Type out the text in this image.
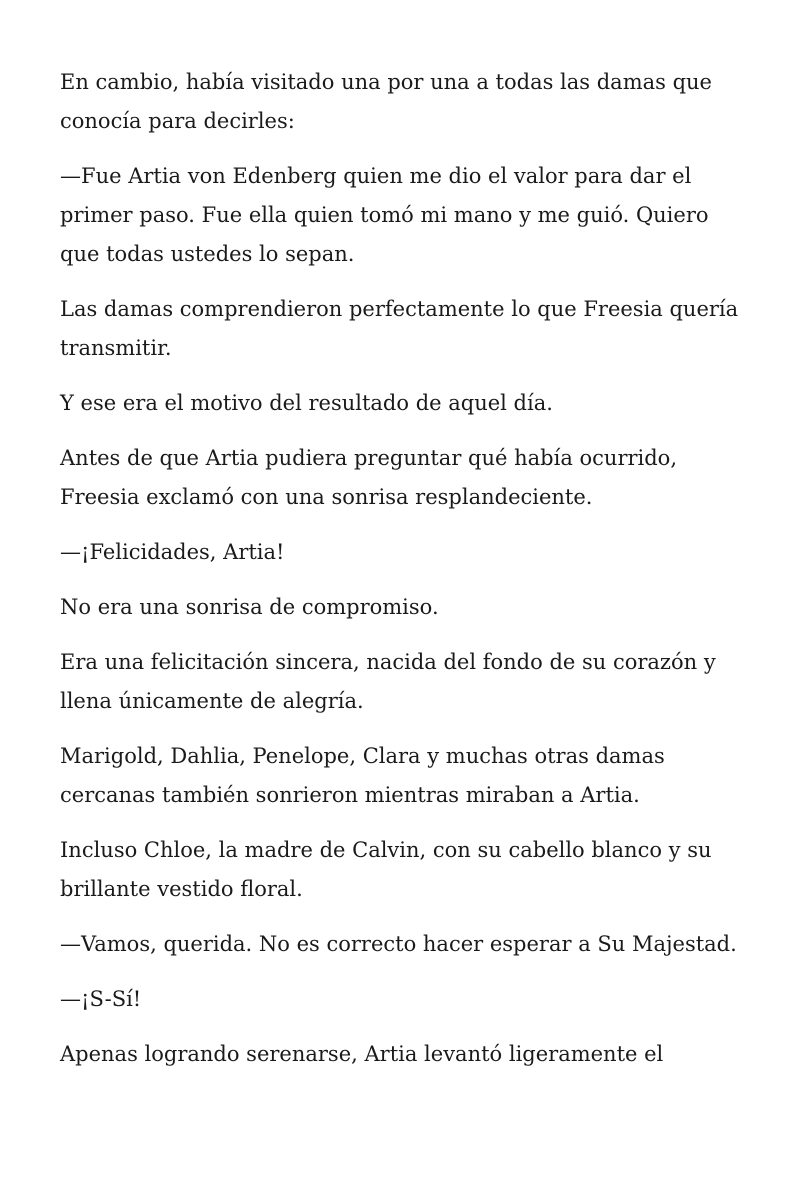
En cambio, había visitado una por una a todas las damas que conocía para decirles:

—Fue Artia von Edenberg quien me dio el valor para dar el primer paso. Fue ella quien tomó mi mano y me guió. Quiero que todas ustedes lo sepan.

Las damas comprendieron perfectamente lo que Freesia quería transmitir.

Y ese era el motivo del resultado de aquel día.

Antes de que Artia pudiera preguntar qué había ocurrido, Freesia exclamó con una sonrisa resplandeciente.

—¡Felicidades, Artia!

No era una sonrisa de compromiso.

Era una felicitación sincera, nacida del fondo de su corazón y llena únicamente de alegría.

Marigold, Dahlia, Penelope, Clara y muchas otras damas cercanas también sonrieron mientras miraban a Artia.

Incluso Chloe, la madre de Calvin, con su cabello blanco y su brillante vestido floral.

—Vamos, querida. No es correcto hacer esperar a Su Majestad.

—¡S-Sí!

Apenas logrando serenarse, Artia levantó ligeramente el
